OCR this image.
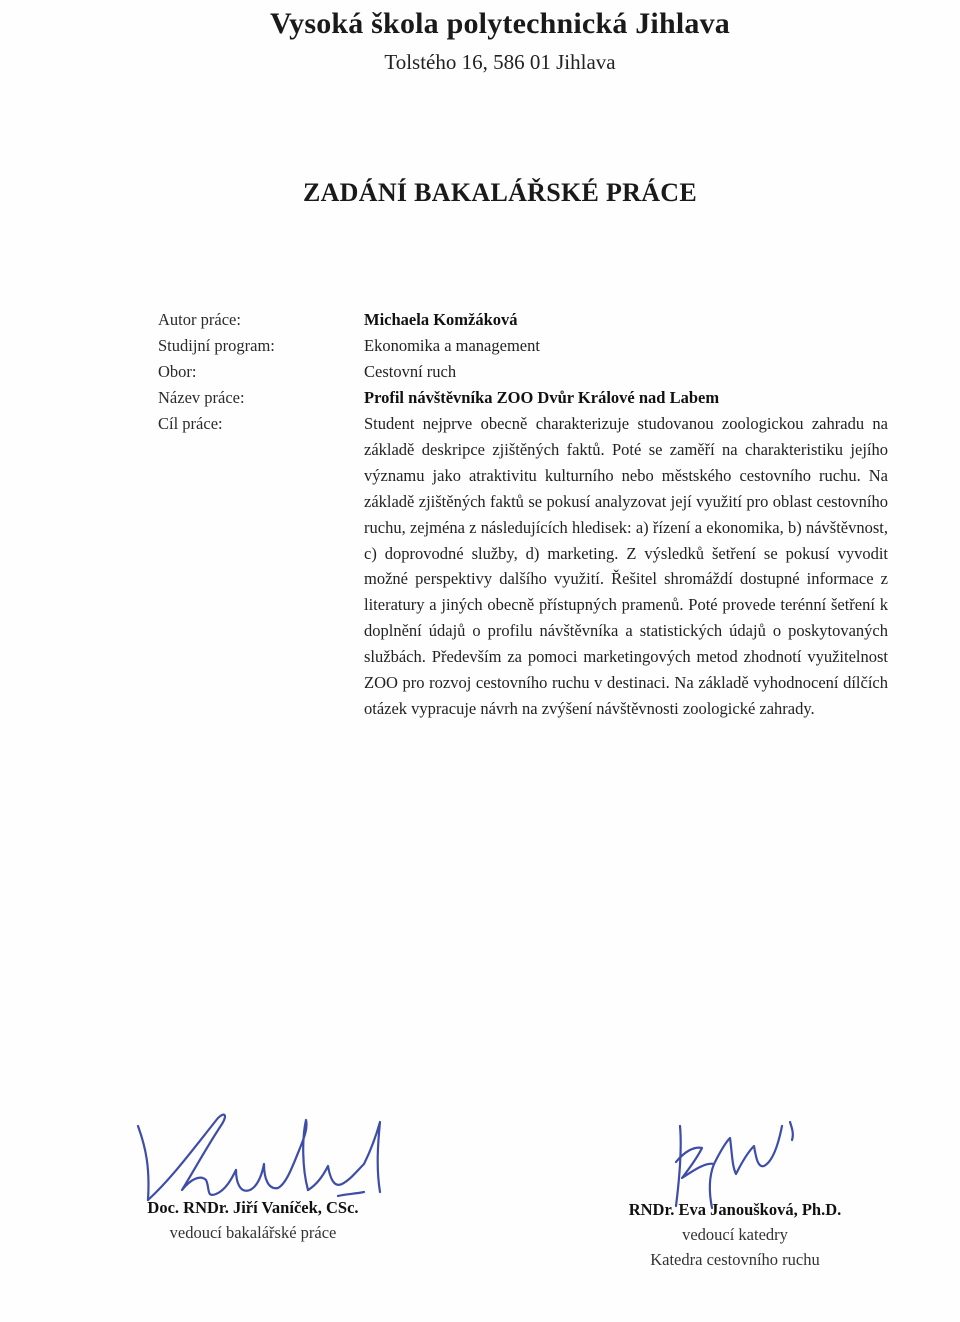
Vysoká škola polytechnická Jihlava
Tolstého 16, 586 01 Jihlava
ZADÁNÍ BAKALÁŘSKÉ PRÁCE
Autor práce:	Michaela Komžáková
Studijní program:	Ekonomika a management
Obor:	Cestovní ruch
Název práce:	Profil návštěvníka ZOO Dvůr Králové nad Labem
Cíl práce:	Student nejprve obecně charakterizuje studovanou zoologickou zahradu na základě deskripce zjištěných faktů. Poté se zaměří na charakteristiku jejího významu jako atraktivitu kulturního nebo městského cestovního ruchu. Na základě zjištěných faktů se pokusí analyzovat její využití pro oblast cestovního ruchu, zejména z následujících hledisek: a) řízení a ekonomika, b) návštěvnost, c) doprovodné služby, d) marketing. Z výsledků šetření se pokusí vyvodit možné perspektivy dalšího využití. Řešitel shromáždí dostupné informace z literatury a jiných obecně přístupných pramenů. Poté provede terénní šetření k doplnění údajů o profilu návštěvníka a statistických údajů o poskytovaných službách. Především za pomoci marketingových metod zhodnotí využitelnost ZOO pro rozvoj cestovního ruchu v destinaci. Na základě vyhodnocení dílčích otázek vypracuje návrh na zvýšení návštěvnosti zoologické zahrady.
Doc. RNDr. Jiří Vaníček, CSc.
vedoucí bakalářské práce
RNDr. Eva Janoušková, Ph.D.
vedoucí katedry
Katedra cestovního ruchu
